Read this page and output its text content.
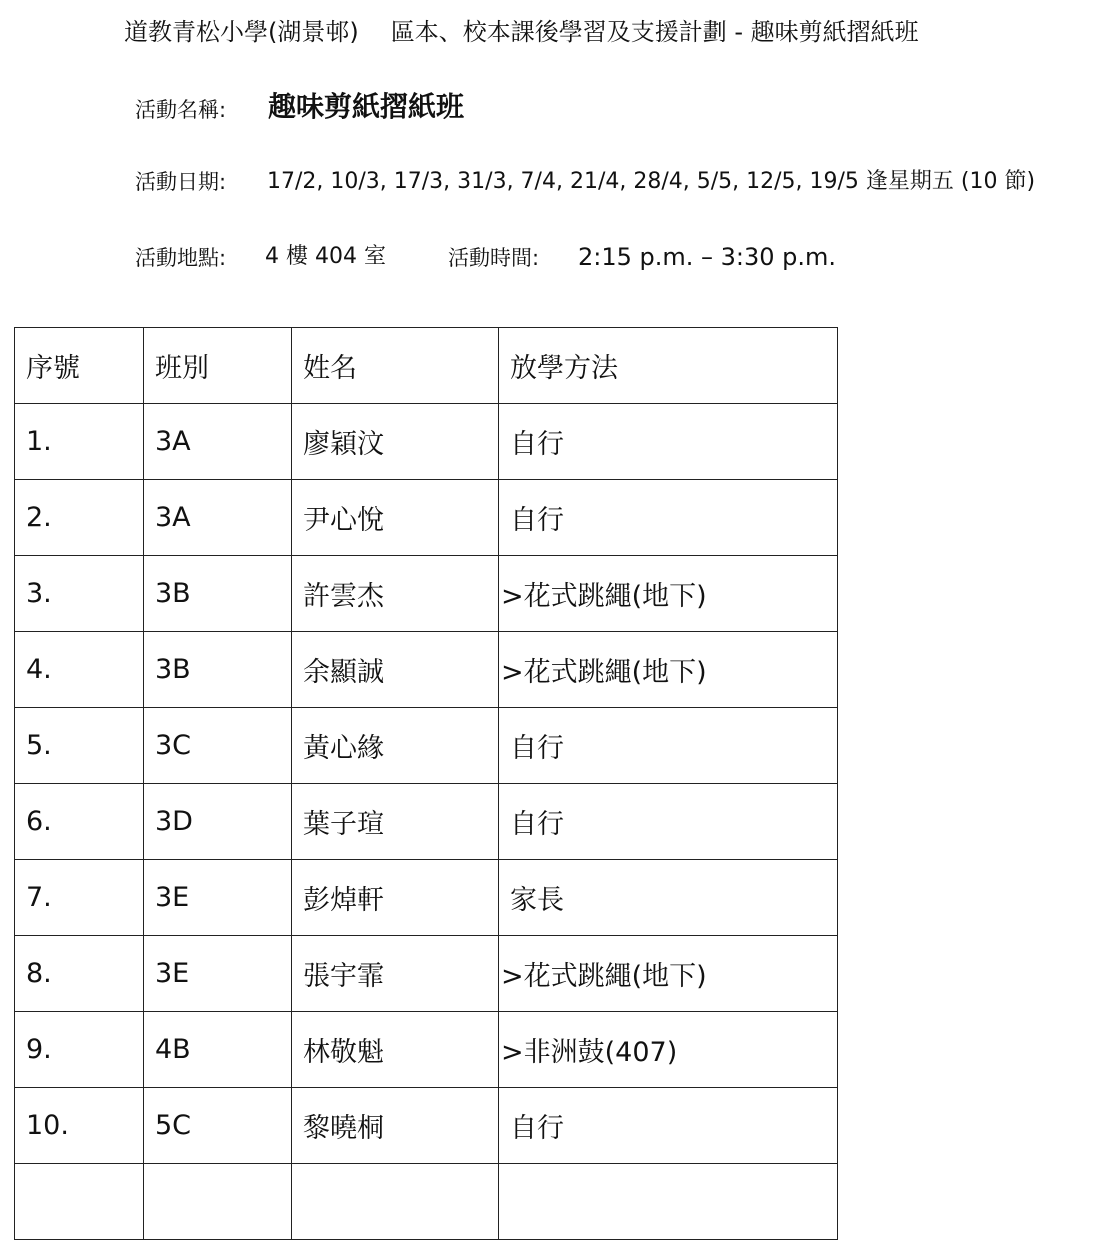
道教青松小學(湖景邨) 區本、校本課後學習及支援計劃 - 趣味剪紙摺紙班
活動名稱: 趣味剪紙摺紙班
活動日期: 17/2, 10/3, 17/3, 31/3, 7/4, 21/4, 28/4, 5/5, 12/5, 19/5 逢星期五 (10 節)
活動地點: 4 樓 404 室	活動時間: 2:15 p.m. – 3:30 p.m.
序號	班別	姓名	放學方法
1.	3A	廖穎汶	自行
2.	3A	尹心悅	自行
3.	3B	許雲杰	>花式跳繩(地下)
4.	3B	余顯誠	>花式跳繩(地下)
5.	3C	黃心緣	自行
6.	3D	葉子瑄	自行
7.	3E	彭焯軒	家長
8.	3E	張宇霏	>花式跳繩(地下)
9.	4B	林敬魁	>非洲鼓(407)
10.	5C	黎曉桐	自行
